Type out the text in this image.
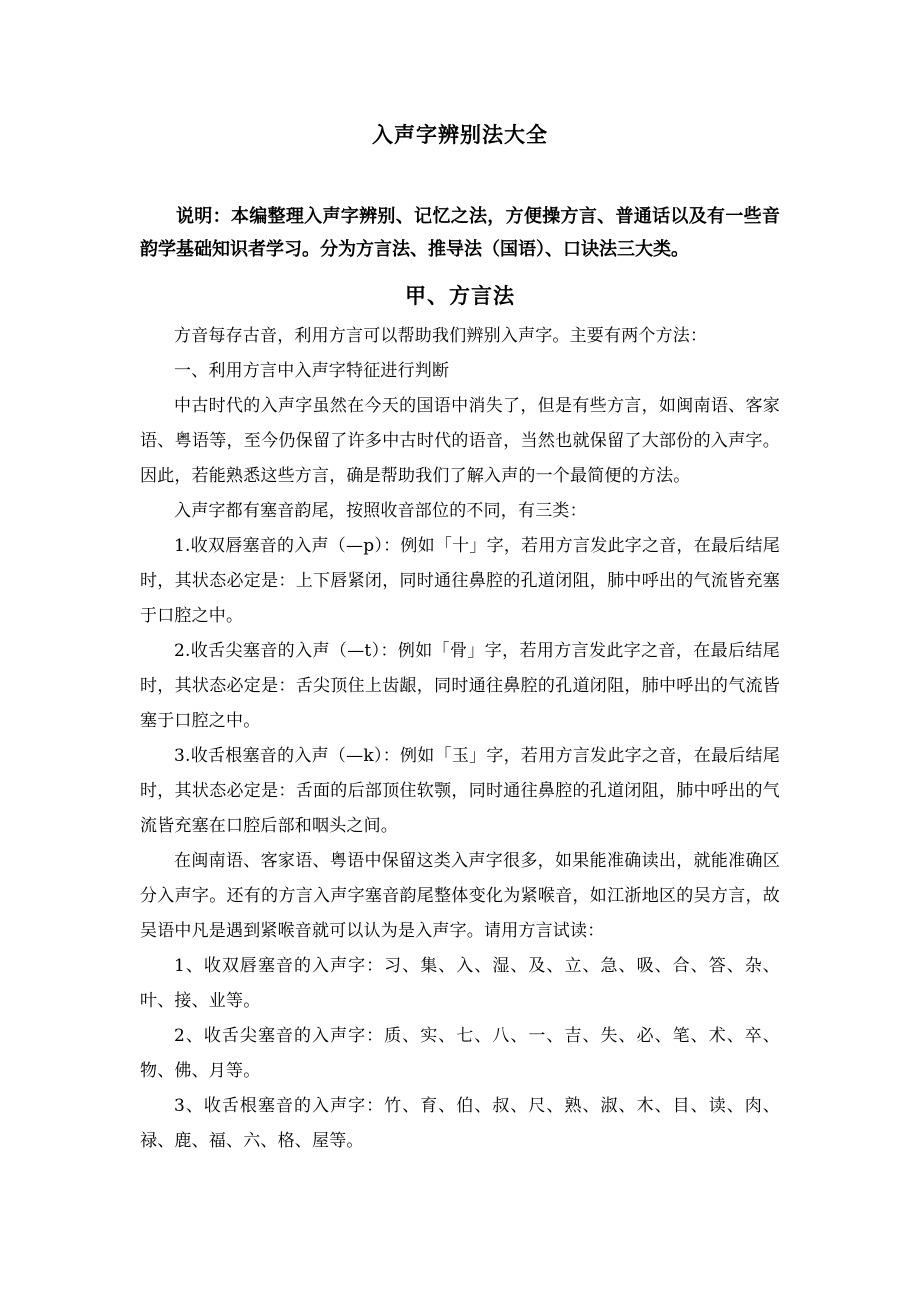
入声字辨别法大全
说明：本编整理入声字辨别、记忆之法，方便操方言、普通话以及有一些音韵学基础知识者学习。分为方言法、推导法（国语）、口诀法三大类。
甲、方言法

方音每存古音，利用方言可以帮助我们辨别入声字。主要有两个方法：

一、利用方言中入声字特征进行判断

中古时代的入声字虽然在今天的国语中消失了，但是有些方言，如闽南语、客家语、粤语等，至今仍保留了许多中古时代的语音，当然也就保留了大部份的入声字。因此，若能熟悉这些方言，确是帮助我们了解入声的一个最简便的方法。

入声字都有塞音韵尾，按照收音部位的不同，有三类：

1.收双唇塞音的入声（—p）：例如「十」字，若用方言发此字之音，在最后结尾时，其状态必定是：上下唇紧闭，同时通往鼻腔的孔道闭阻，肺中呼出的气流皆充塞于口腔之中。

2.收舌尖塞音的入声（—t）：例如「骨」字，若用方言发此字之音，在最后结尾时，其状态必定是：舌尖顶住上齿龈，同时通往鼻腔的孔道闭阻，肺中呼出的气流皆塞于口腔之中。

3.收舌根塞音的入声（—k）：例如「玉」字，若用方言发此字之音，在最后结尾时，其状态必定是：舌面的后部顶住软颚，同时通往鼻腔的孔道闭阻，肺中呼出的气流皆充塞在口腔后部和咽头之间。

在闽南语、客家语、粤语中保留这类入声字很多，如果能准确读出，就能准确区分入声字。还有的方言入声字塞音韵尾整体变化为紧喉音，如江浙地区的吴方言，故吴语中凡是遇到紧喉音就可以认为是入声字。请用方言试读：

1、收双唇塞音的入声字：习、集、入、湿、及、立、急、吸、合、答、杂、叶、接、业等。

2、收舌尖塞音的入声字：质、实、七、八、一、吉、失、必、笔、术、卒、物、佛、月等。

3、收舌根塞音的入声字：竹、育、伯、叔、尺、熟、淑、木、目、读、肉、禄、鹿、福、六、格、屋等。
